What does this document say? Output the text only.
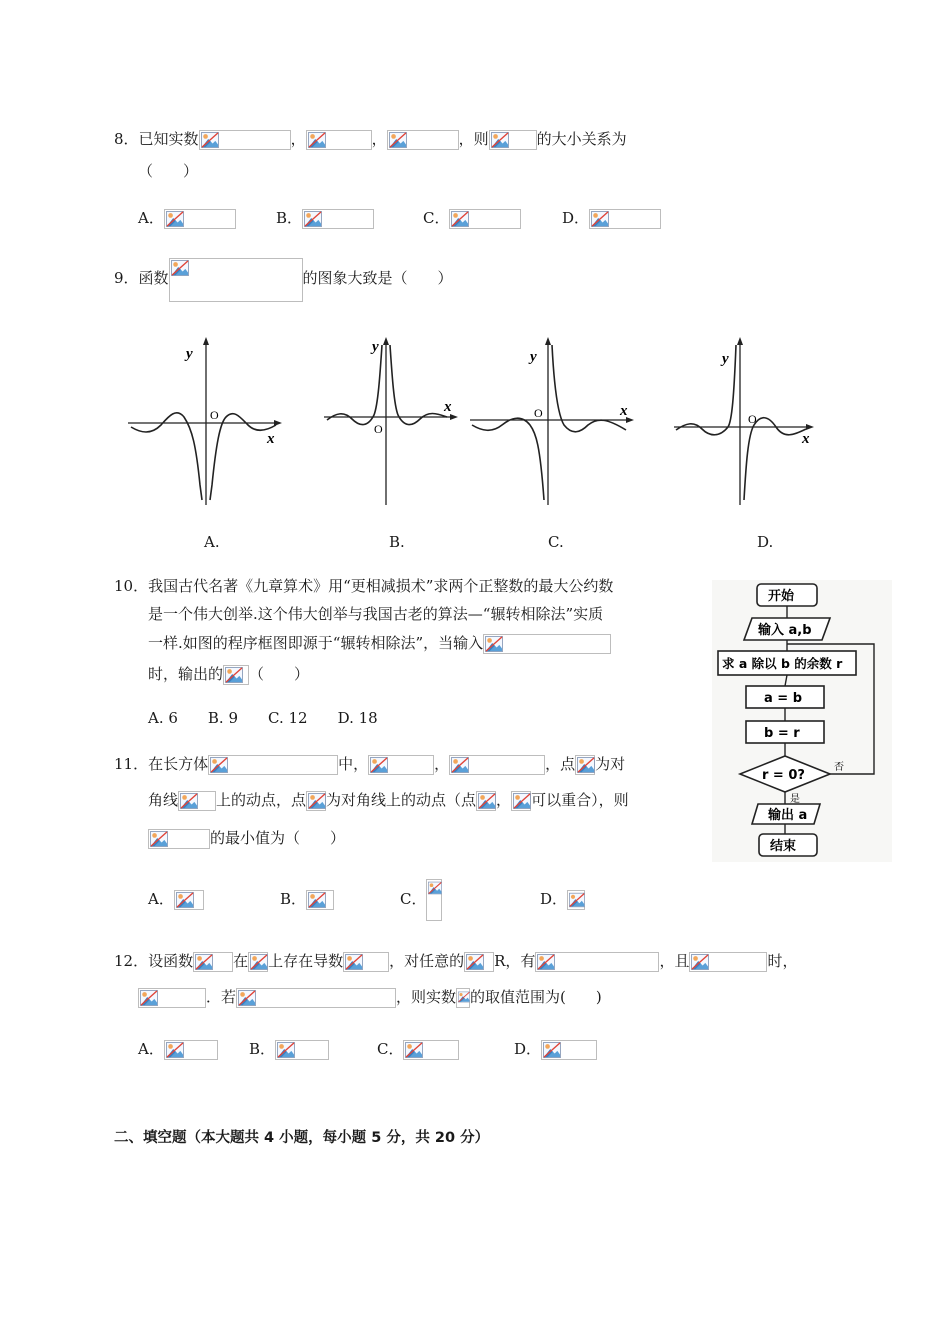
8．已知实数	，	，	，则	的大小关系为
（　　）
A．	B．	C．	D．
9．函数	的图象大致是（　　）
y
x
O
y
x
O
y
x
O
y
x
O
A.	B.	C.	D.
10．我国古代名著《九章算术》用“更相减损术”求两个正整数的最大公约数
是一个伟大创举.这个伟大创举与我国古老的算法—“辗转相除法”实质
一样.如图的程序框图即源于“辗转相除法”，当输入
时，输出的 （　　）
A. 6　　B. 9　　C. 12　　D. 18
开始
输入 a,b
求 a 除以 b 的余数 r
a = b
b = r
r = 0?
否
是
输出 a
结束
11．在长方体	中，	，	，点 为对
角线	上的动点，点 为对角线上的动点（点 ， 可以重合），则
的最小值为（　　）
A．	B．	C．	D．
12．设函数	在 上存在导数	，对任意的 R，有	，且	时，
．若	，则实数 的取值范围为(　　)
A．	B．	C．	D．
二、填空题（本大题共 4 小题，每小题 5 分，共 20 分）
